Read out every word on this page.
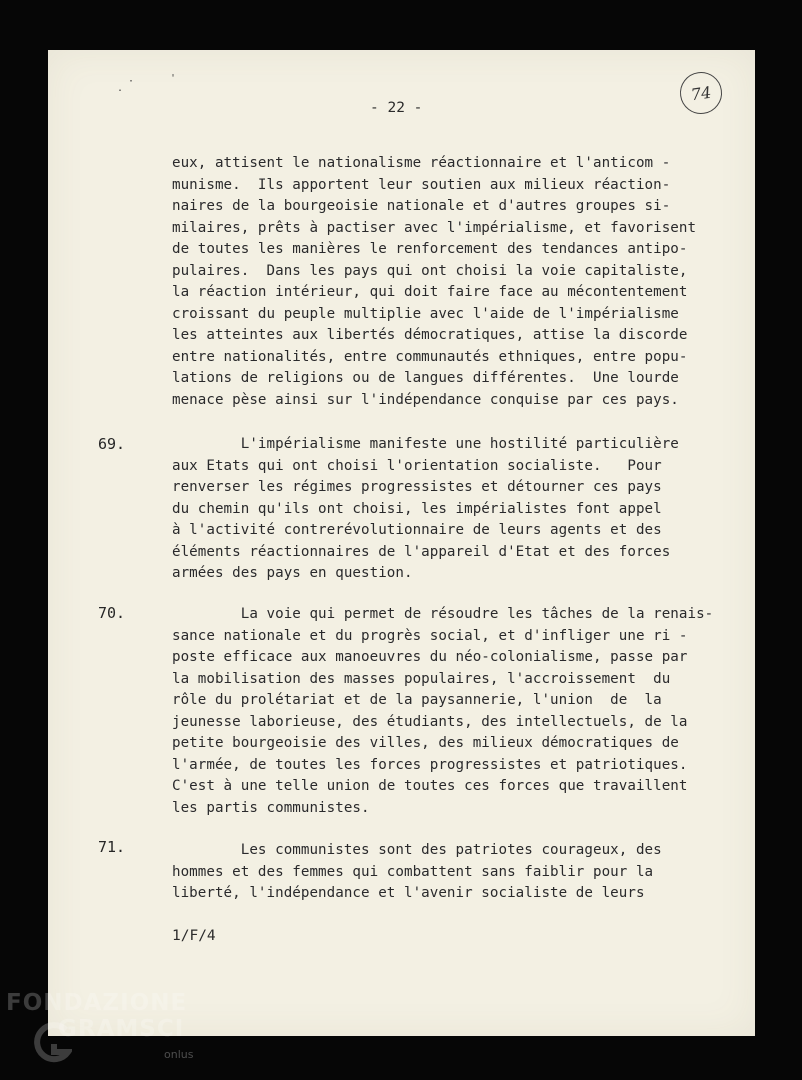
.
·	'
- 22 -
74

eux, attisent le nationalisme réactionnaire et l'anticom -

munisme.  Ils apportent leur soutien aux milieux réaction-

naires de la bourgeoisie nationale et d'autres groupes si-

milaires, prêts à pactiser avec l'impérialisme, et favorisent

de toutes les manières le renforcement des tendances antipo-

pulaires.  Dans les pays qui ont choisi la voie capitaliste,

la réaction intérieur, qui doit faire face au mécontentement

croissant du peuple multiplie avec l'aide de l'impérialisme

les atteintes aux libertés démocratiques, attise la discorde

entre nationalités, entre communautés ethniques, entre popu-

lations de religions ou de langues différentes.  Une lourde

menace pèse ainsi sur l'indépendance conquise par ces pays.

69.

	L'impérialisme manifeste une hostilité particulière

aux Etats qui ont choisi l'orientation socialiste.   Pour

renverser les régimes progressistes et détourner ces pays

du chemin qu'ils ont choisi, les impérialistes font appel

à l'activité contrerévolutionnaire de leurs agents et des

éléments réactionnaires de l'appareil d'Etat et des forces

armées des pays en question.

70.

	La voie qui permet de résoudre les tâches de la renais-

sance nationale et du progrès social, et d'infliger une ri -

poste efficace aux manoeuvres du néo-colonialisme, passe par

la mobilisation des masses populaires, l'accroissement  du

rôle du prolétariat et de la paysannerie, l'union  de  la

jeunesse laborieuse, des étudiants, des intellectuels, de la

petite bourgeoisie des villes, des milieux démocratiques de

l'armée, de toutes les forces progressistes et patriotiques.

C'est à une telle union de toutes ces forces que travaillent

les partis communistes.

71.

	Les communistes sont des patriotes courageux, des

hommes et des femmes qui combattent sans faiblir pour la

liberté, l'indépendance et l'avenir socialiste de leurs

1/F/4
FONDAZIONE
GRAMSCI
onlus
